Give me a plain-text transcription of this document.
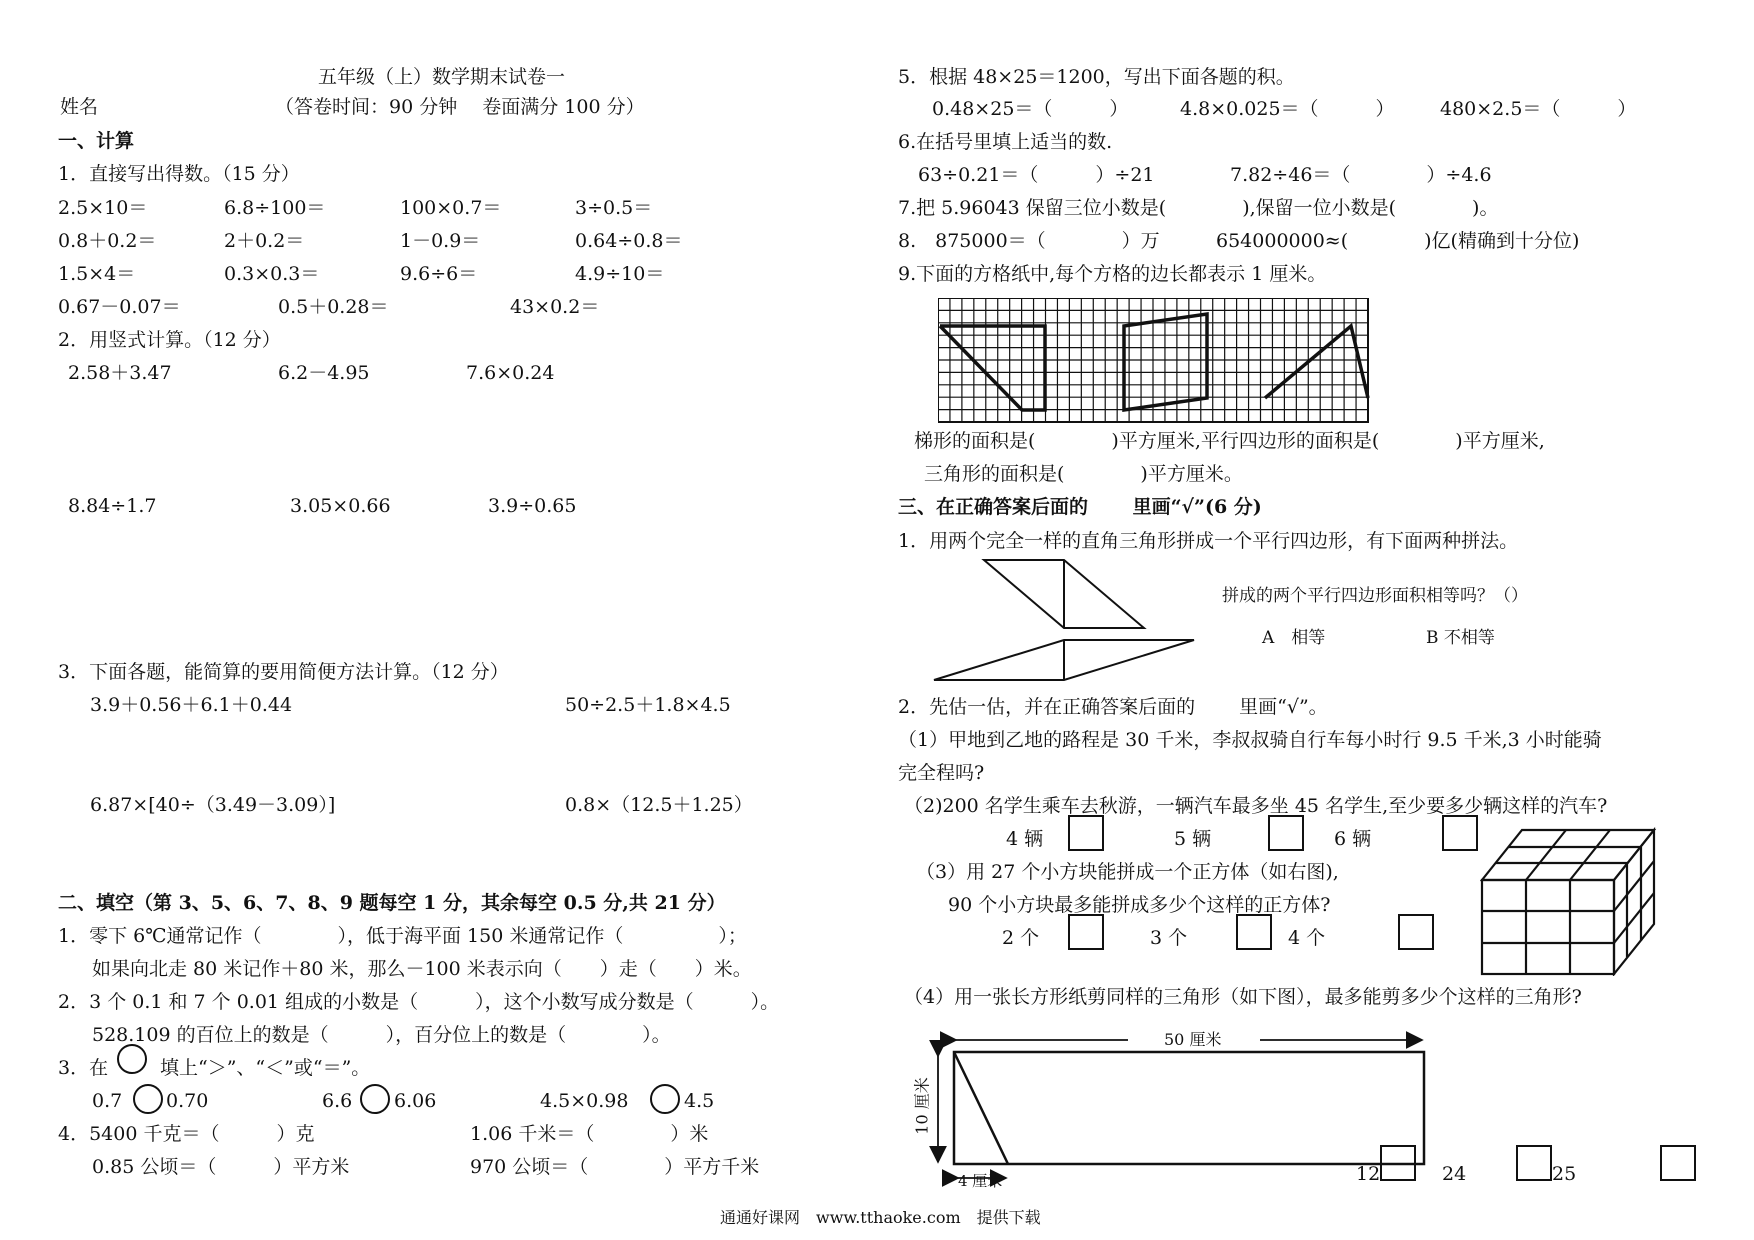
五年级（上）数学期末试卷一
姓名	（答卷时间：90 分钟　 卷面满分 100 分）
一、计算
1．直接写出得数。（15 分）
2.5×10＝	6.8÷100＝	100×0.7＝	3÷0.5＝
0.8＋0.2＝	2＋0.2＝	1－0.9＝	0.64÷0.8＝
1.5×4＝	0.3×0.3＝	9.6÷6＝	4.9÷10＝
0.67－0.07＝	0.5＋0.28＝	43×0.2＝
2．用竖式计算。（12 分）
2.58＋3.47	6.2－4.95	7.6×0.24
8.84÷1.7	3.05×0.66	3.9÷0.65
3．下面各题，能简算的要用简便方法计算。（12 分）
3.9＋0.56＋6.1＋0.44	50÷2.5＋1.8×4.5
6.87×[40÷（3.49－3.09）]	0.8×（12.5＋1.25）
二、填空（第 3、5、6、7、8、9 题每空 1 分，其余每空 0.5 分,共 21 分）
1．零下 6℃通常记作（　　　　），低于海平面 150 米通常记作（　　　　　）；
如果向北走 80 米记作＋80 米，那么－100 米表示向（　　）走（　　）米。
2．3 个 0.1 和 7 个 0.01 组成的小数是（　　　），这个小数写成分数是（　　　）。
528.109 的百位上的数是（　　　），百分位上的数是（　　　　）。
3．在	填上“＞”、“＜”或“＝”。
0.7 0.70	6.6 6.06	4.5×0.98	4.5
4．5400 千克＝（　　　）克	1.06 千米＝（　　　　）米
0.85 公顷＝（　　　）平方米	970 公顷＝（　　　　）平方千米
5．根据 48×25＝1200，写出下面各题的积。
0.48×25＝（　　　）	4.8×0.025＝（　　　） 480×2.5＝（　　　）
6.在括号里填上适当的数.
63÷0.21＝（　　　）÷21	7.82÷46＝（　　　　）÷4.6
7.把 5.96043 保留三位小数是(　　　　),保留一位小数是(　　　　)。
8.　875000＝（　　　　）万	654000000≈(　　　　)亿(精确到十分位)
9.下面的方格纸中,每个方格的边长都表示 1 厘米。
梯形的面积是(　　　　)平方厘米,平行四边形的面积是(　　　　)平方厘米,
三角形的面积是(　　　　)平方厘米。
三、在正确答案后面的　　 里画“√”(6 分)
1．用两个完全一样的直角三角形拼成一个平行四边形，有下面两种拼法。
拼成的两个平行四边形面积相等吗？（）
A　相等	B 不相等
2．先估一估，并在正确答案后面的　　 里画“√”。
（1）甲地到乙地的路程是 30 千米，李叔叔骑自行车每小时行 9.5 千米,3 小时能骑
完全程吗?
（2)200 名学生乘车去秋游，一辆汽车最多坐 45 名学生,至少要多少辆这样的汽车?
4 辆	5 辆	6 辆
（3）用 27 个小方块能拼成一个正方体（如右图),
90 个小方块最多能拼成多少个这样的正方体?
2 个	3 个	4 个
（4）用一张长方形纸剪同样的三角形（如下图），最多能剪多少个这样的三角形?
50 厘米
10 厘米
4 厘米	12	24	25
通通好课网　www.tthaoke.com　提供下载
